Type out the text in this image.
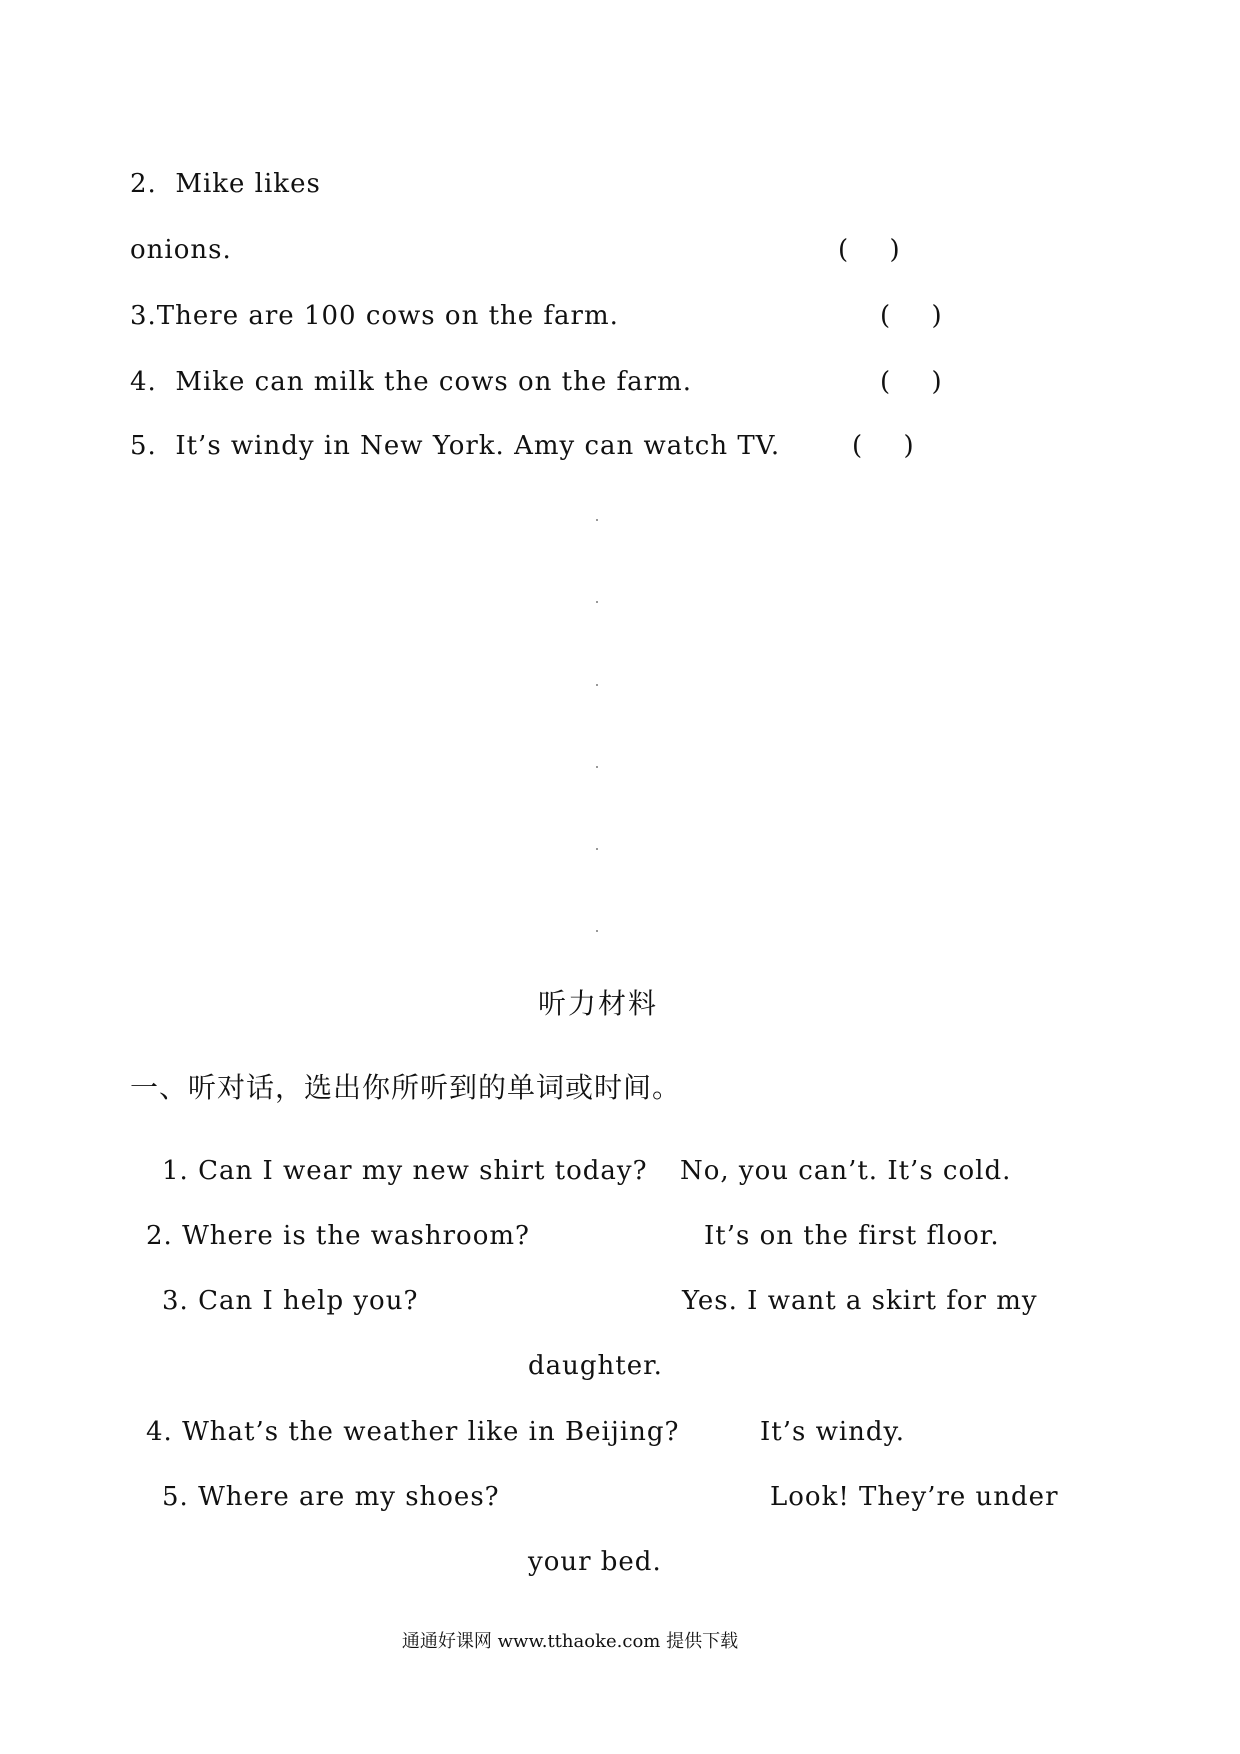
2.  Mike likes
onions.	(     )
3.There are 100 cows on the farm.	(     )
4.  Mike can milk the cows on the farm.	(     )
5.  It’s windy in New York. Amy can watch TV.	(     )
听力材料
一、听对话，选出你所听到的单词或时间。
1. Can I wear my new shirt today? No, you can’t. It’s cold.
2. Where is the washroom?	It’s on the first floor.
3. Can I help you?	Yes. I want a skirt for my
daughter.
4. What’s the weather like in Beijing?	It’s windy.
5. Where are my shoes?	Look! They’re under
your bed.
通通好课网 www.tthaoke.com 提供下载
